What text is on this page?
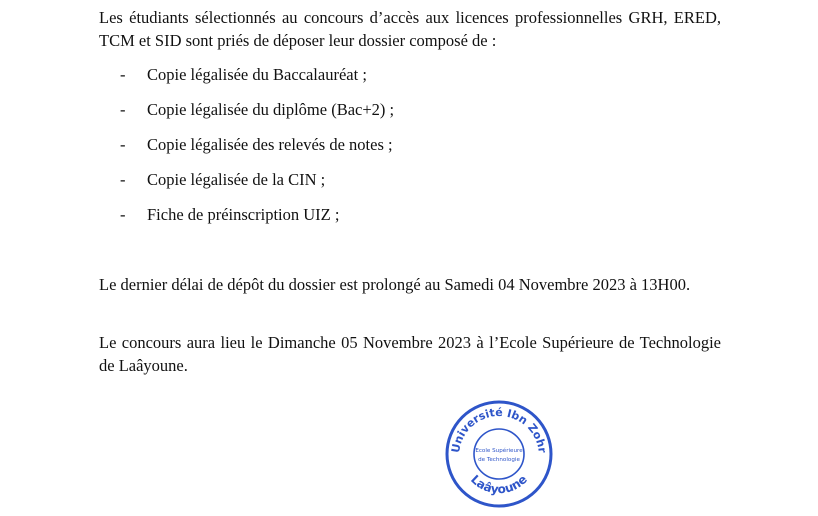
Les étudiants sélectionnés au concours d’accès aux licences professionnelles GRH, ERED, TCM et SID sont priés de déposer leur dossier composé de :

- Copie légalisée du Baccalauréat ;
- Copie légalisée du diplôme (Bac+2) ;
- Copie légalisée des relevés de notes ;
- Copie légalisée de la CIN ;
- Fiche de préinscription UIZ ;

Le dernier délai de dépôt du dossier est prolongé au Samedi 04 Novembre 2023 à 13H00.

Le concours aura lieu le Dimanche 05 Novembre 2023 à l’Ecole Supérieure de Technologie de Laâyoune.

Université Ibn Zohr
Laâyoune
Ecole Supérieure
de Technologie
